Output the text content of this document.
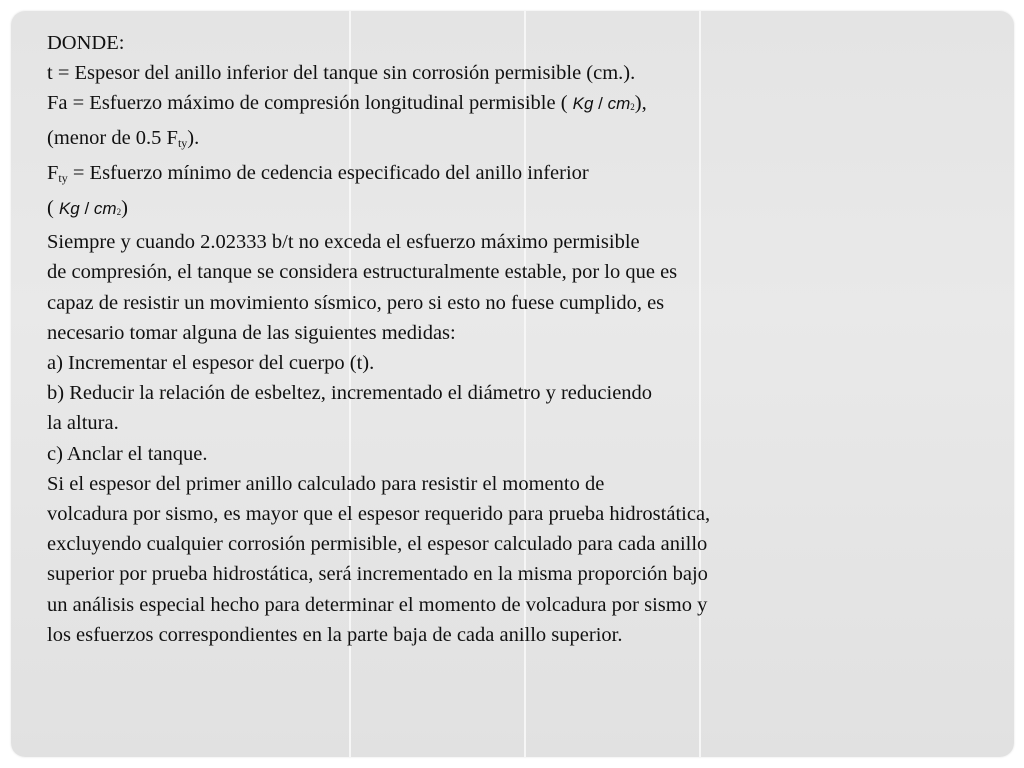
DONDE:
t = Espesor del anillo inferior del tanque sin corrosión permisible (cm.).
Fa = Esfuerzo máximo de compresión longitudinal permisible ( Kg / cm2),
(menor de 0.5 Fty).
Fty = Esfuerzo mínimo de cedencia especificado del anillo inferior
( Kg / cm2)
Siempre y cuando 2.02333 b/t no exceda el esfuerzo máximo permisible
de compresión, el tanque se considera estructuralmente estable, por lo que es
capaz de resistir un movimiento sísmico, pero si esto no fuese cumplido, es
necesario tomar alguna de las siguientes medidas:
a) Incrementar el espesor del cuerpo (t).
b) Reducir la relación de esbeltez, incrementado el diámetro y reduciendo
la altura.
c) Anclar el tanque.
Si el espesor del primer anillo calculado para resistir el momento de
volcadura por sismo, es mayor que el espesor requerido para prueba hidrostática,
excluyendo cualquier corrosión permisible, el espesor calculado para cada anillo
superior por prueba hidrostática, será incrementado en la misma proporción bajo
un análisis especial hecho para determinar el momento de volcadura por sismo y
los esfuerzos correspondientes en la parte baja de cada anillo superior.
